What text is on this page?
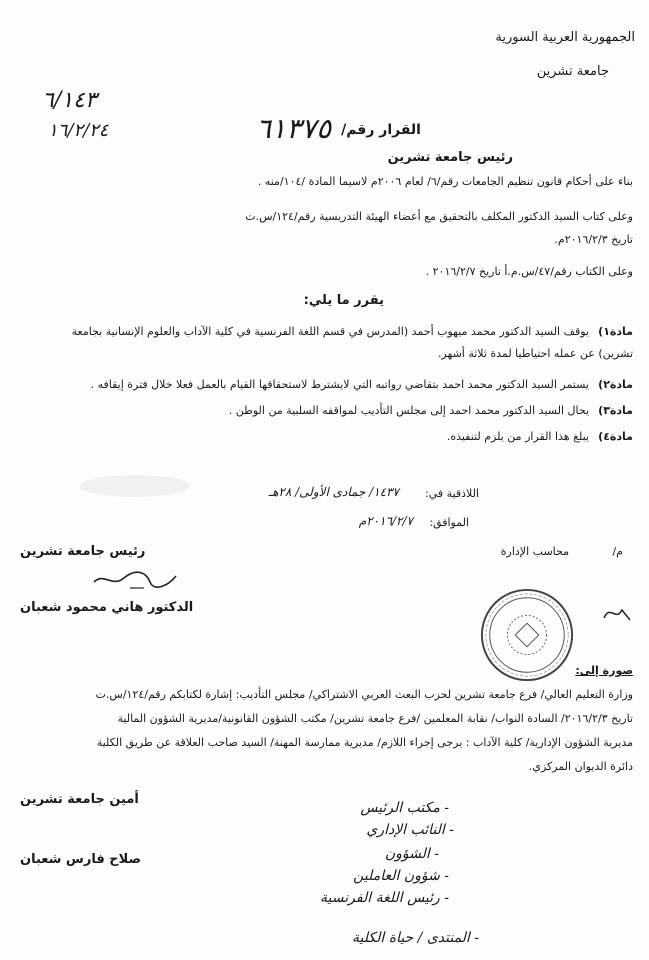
الجمهورية العربية السورية
جامعة تشرين
٦/١٤٣
١٦/٢/٢٤	القرار رقم/
٦١٣٧٥
رئيس جامعة تشرين
بناء على أحكام قانون تنظيم الجامعات رقم/٦/ لعام ٢٠٠٦م لاسيما المادة /١٠٤/منه .
وعلى كتاب السيد الدكتور المكلف بالتحقيق مع أعضاء الهيئة التدريسية رقم/١٢٤/س.ت
تاريخ ٢٠١٦/٢/٣م.
وعلى الكتاب رقم/٤٧/س.م.أ تاريخ ٢٠١٦/٢/٧ .
يقرر ما يلي:
مادة١)
يوقف السيد الدكتور محمد ميهوب أحمد (المدرس في قسم اللغة الفرنسية في كلية الآداب والعلوم الإنسانية بجامعة
تشرين) عن عمله احتياطيا لمدة ثلاثة أشهر.
مادة٢)
يستمر السيد الدكتور محمد احمد بتقاضي رواتبه التي لايشترط لاستحقاقها القيام بالعمل فعلا خلال فترة إيقافه .
مادة٣)
يحال السيد الدكتور محمد احمد إلى مجلس التأديب لمواقفه السلبية من الوطن .
مادة٤)
يبلغ هذا القرار من يلزم لتنفيذه.
اللاذقية في:
١٤٣٧/ جمادى الأولى/ ٢٨هـ
الموافق:
٢٠١٦/٢/٧م
م/
محاسب الإدارة
رئيس جامعة تشرين
الدكتور هاني محمود شعبان
صورة إلى:
وزارة التعليم العالي/ فرع جامعة تشرين لحزب البعث العربي الاشتراكي/ مجلس التأديب: إشارة لكتابكم رقم/١٢٤/س.ت
تاريخ ٢٠١٦/٢/٣/ السادة النواب/ نقابة المعلمين /فرع جامعة تشرين/ مكتب الشؤون القانونية/مديرية الشؤون المالية
مديرية الشؤون الإدارية/ كلية الآداب : يرجى إجراء اللازم/ مديرية ممارسة المهنة/ السيد صاحب العلاقة عن طريق الكلية
دائرة الديوان المركزي.
أمين جامعة تشرين
صلاح فارس شعبان
- مكتب الرئيس
- النائب الإداري
- الشؤون
- شؤون العاملين
- رئيس اللغة الفرنسية
- المنتدى / حياة الكلية
